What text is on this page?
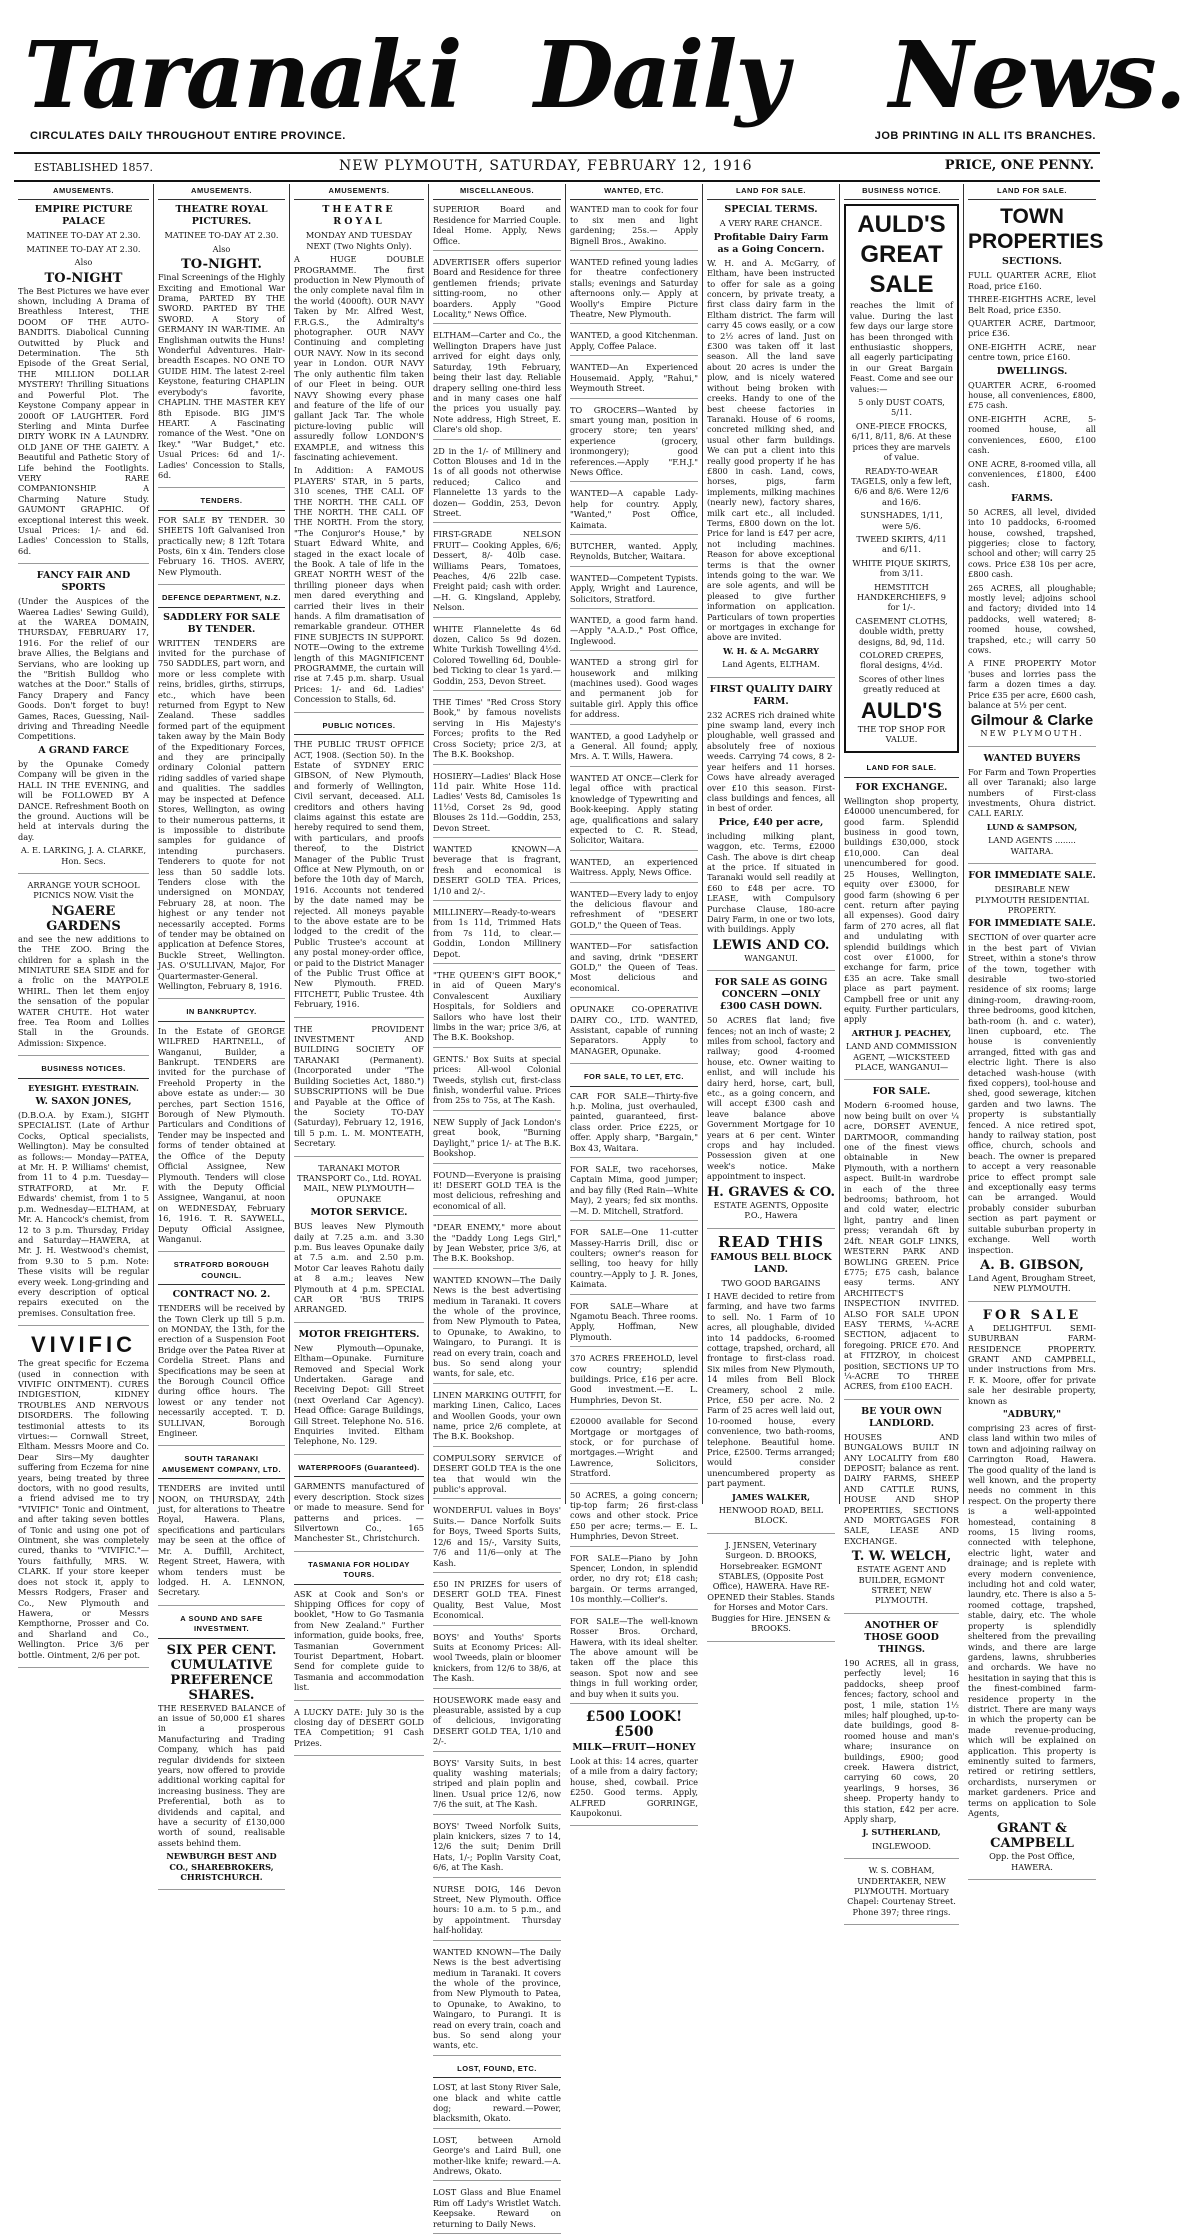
Taranaki Daily News.
CIRCULATES DAILY THROUGHOUT ENTIRE PROVINCE.	JOB PRINTING IN ALL ITS BRANCHES.
ESTABLISHED 1857.	NEW PLYMOUTH, SATURDAY, FEBRUARY 12, 1916	PRICE, ONE PENNY.
AMUSEMENTS.
EMPIRE PICTURE PALACE

MATINEE TO-DAY AT 2.30.

MATINEE TO-DAY AT 2.30.

Also

TO-NIGHT

The Best Pictures we have ever shown, including A Drama of Breathless Interest, THE DOOM OF THE AUTO-BANDITS. Diabolical Cunning Outwitted by Pluck and Determination. The 5th Episode of the Great Serial, THE MILLION DOLLAR MYSTERY! Thrilling Situations and Powerful Plot. The Keystone Company appear in 2000ft OF LAUGHTER. Ford Sterling and Minta Durfee DIRTY WORK IN A LAUNDRY. OLD JANE OF THE GAIETY. A Beautiful and Pathetic Story of Life behind the Footlights. VERY RARE COMPANIONSHIP. A Charming Nature Study. GAUMONT GRAPHIC. Of exceptional interest this week. Usual Prices: 1/- and 6d. Ladies' Concession to Stalls, 6d.

FANCY FAIR AND SPORTS

(Under the Auspices of the Waerea Ladies' Sewing Guild), at the WAREA DOMAIN, THURSDAY, FEBRUARY 17, 1916. For the relief of our brave Allies, the Belgians and Servians, who are looking up the "British Bulldog who watches at the Door." Stalls of Fancy Drapery and Fancy Goods. Don't forget to buy! Games, Races, Guessing, Nail-driving and Threading Needle Competitions.

A GRAND FARCE

by the Opunake Comedy Company will be given in the HALL IN THE EVENING, and will be FOLLOWED BY A DANCE. Refreshment Booth on the ground. Auctions will be held at intervals during the day.

A. E. LARKING, J. A. CLARKE, Hon. Secs.

ARRANGE YOUR SCHOOL PICNICS NOW. Visit the

NGAERE GARDENS

and see the new additions to the THE ZOO. Bring the children for a splash in the MINIATURE SEA SIDE and for a frolic on the MAYPOLE WHIRL. Then let them enjoy the sensation of the popular WATER CHUTE. Hot water free. Tea Room and Lollies Stall in the Grounds. Admission: Sixpence.

BUSINESS NOTICES.

EYESIGHT. EYESTRAIN.

W. SAXON JONES,

(D.B.O.A. by Exam.), SIGHT SPECIALIST. (Late of Arthur Cocks, Optical specialists, Wellington). May be consulted as follows:— Monday—PATEA, at Mr. H. P. Williams' chemist, from 11 to 4 p.m. Tuesday—STRATFORD, at Mr. F. Edwards' chemist, from 1 to 5 p.m. Wednesday—ELTHAM, at Mr. A. Hancock's chemist, from 12 to 3 p.m. Thursday, Friday and Saturday—HAWERA, at Mr. J. H. Westwood's chemist, from 9.30 to 5 p.m. Note: These visits will be regular every week. Long-grinding and every description of optical repairs executed on the premises. Consultation free.

VIVIFIC

The great specific for Eczema (used in connection with VIVIFIC OINTMENT). CURES INDIGESTION, KIDNEY TROUBLES AND NERVOUS DISORDERS. The following testimonial attests to its virtues:— Cornwall Street, Eltham. Messrs Moore and Co. Dear Sirs—My daughter suffering from Eczema for nine years, being treated by three doctors, with no good results, a friend advised me to try "VIVIFIC" Tonic and Ointment, and after taking seven bottles of Tonic and using one pot of Ointment, she was completely cured, thanks to "VIVIFIC."—Yours faithfully, MRS. W. CLARK. If your store keeper does not stock it, apply to Messrs Rodgers, Fraser and Co., New Plymouth and Hawera, or Messrs Kempthorne, Prosser and Co. and Sharland and Co., Wellington. Price 3/6 per bottle. Ointment, 2/6 per pot.

AMUSEMENTS.
THEATRE ROYAL PICTURES.

MATINEE TO-DAY AT 2.30.

Also

TO-NIGHT.

Final Screenings of the Highly Exciting and Emotional War Drama, PARTED BY THE SWORD. PARTED BY THE SWORD. A Story of GERMANY IN WAR-TIME. An Englishman outwits the Huns! Wonderful Adventures. Hair-breadth Escapes. NO ONE TO GUIDE HIM. The latest 2-reel Keystone, featuring CHAPLIN everybody's favorite, CHAPLIN. THE MASTER KEY 8th Episode. BIG JIM'S HEART. A Fascinating romance of the West. "One on Ikey." "War Budget," etc. Usual Prices: 6d and 1/-. Ladies' Concession to Stalls, 6d.

TENDERS.

FOR SALE BY TENDER. 30 SHEETS 10ft Galvanised Iron practically new; 8 12ft Totara Posts, 6in x 4in. Tenders close February 16. THOS. AVERY, New Plymouth.

DEFENCE DEPARTMENT, N.Z.
SADDLERY FOR SALE BY TENDER.

WRITTEN TENDERS are invited for the purchase of 750 SADDLES, part worn, and more or less complete with reins, bridles, girths, stirrups, etc., which have been returned from Egypt to New Zealand. These saddles formed part of the equipment taken away by the Main Body of the Expeditionary Forces, and they are principally ordinary Colonial pattern riding saddles of varied shape and qualities. The saddles may be inspected at Defence Stores, Wellington, as owing to their numerous patterns, it is impossible to distribute samples for guidance of intending purchasers. Tenderers to quote for not less than 50 saddle lots. Tenders close with the undersigned on MONDAY, February 28, at noon. The highest or any tender not necessarily accepted. Forms of tender may be obtained on application at Defence Stores, Buckle Street, Wellington. JAS. O'SULLIVAN, Major, For Quartermaster-General. Wellington, February 8, 1916.

IN BANKRUPTCY.

In the Estate of GEORGE WILFRED HARTNELL, of Wanganui, Builder, a Bankrupt. TENDERS are invited for the purchase of Freehold Property in the above estate as under:— 30 perches, part Section 1516, Borough of New Plymouth. Particulars and Conditions of Tender may be inspected and forms of tender obtained at the Office of the Deputy Official Assignee, New Plymouth. Tenders will close with the Deputy Official Assignee, Wanganui, at noon on WEDNESDAY, February 16, 1916. T. R. SAYWELL, Deputy Official Assignee, Wanganui.

STRATFORD BOROUGH COUNCIL.
CONTRACT NO. 2.

TENDERS will be received by the Town Clerk up till 5 p.m. on MONDAY, the 13th, for the erection of a Suspension Foot Bridge over the Patea River at Cordelia Street. Plans and Specifications may be seen at the Borough Council Office during office hours. The lowest or any tender not necessarily accepted. T. D. SULLIVAN, Borough Engineer.

SOUTH TARANAKI AMUSEMENT COMPANY, LTD.

TENDERS are invited until NOON, on THURSDAY, 24th just, for alterations to Theatre Royal, Hawera. Plans, specifications and particulars may be seen at the office of Mr. A. Duffill, Architect, Regent Street, Hawera, with whom tenders must be lodged. H. A. LENNON, Secretary.

A SOUND AND SAFE INVESTMENT.
SIX PER CENT. CUMULATIVE PREFERENCE SHARES.

THE RESERVED BALANCE of an issue of 50,000 £1 shares in a prosperous Manufacturing and Trading Company, which has paid regular dividends for sixteen years, now offered to provide additional working capital for increasing business. They are Preferential, both as to dividends and capital, and have a security of £130,000 worth of sound, realisable assets behind them.

NEWBURGH BEST AND CO., SHAREBROKERS, CHRISTCHURCH.

AMUSEMENTS.
THEATRE ROYAL

MONDAY AND TUESDAY NEXT (Two Nights Only).

A HUGE DOUBLE PROGRAMME. The first production in New Plymouth of the only complete naval film in the world (4000ft). OUR NAVY Taken by Mr. Alfred West, F.R.G.S., the Admiralty's photographer. OUR NAVY Continuing and completing OUR NAVY. Now in its second year in London. OUR NAVY The only authentic film taken of our Fleet in being. OUR NAVY Showing every phase and feature of the life of our gallant Jack Tar. The whole picture-loving public will assuredly follow LONDON'S EXAMPLE, and witness this fascinating achievement.

In Addition: A FAMOUS PLAYERS' STAR, in 5 parts, 310 scenes, THE CALL OF THE NORTH. THE CALL OF THE NORTH. THE CALL OF THE NORTH. From the story, "The Conjuror's House," by Stuart Edward White, and staged in the exact locale of the Book. A tale of life in the GREAT NORTH WEST of the thrilling pioneer days when men dared everything and carried their lives in their hands. A film dramatisation of remarkable grandeur. OTHER FINE SUBJECTS IN SUPPORT. NOTE—Owing to the extreme length of this MAGNIFICENT PROGRAMME, the curtain will rise at 7.45 p.m. sharp. Usual Prices: 1/- and 6d. Ladies' Concession to Stalls, 6d.

PUBLIC NOTICES.

THE PUBLIC TRUST OFFICE ACT, 1908. (Section 50). In the Estate of SYDNEY ERIC GIBSON, of New Plymouth, and formerly of Wellington, Civil servant, deceased. ALL creditors and others having claims against this estate are hereby required to send them, with particulars, and proofs thereof, to the District Manager of the Public Trust Office at New Plymouth, on or before the 10th day of March, 1916. Accounts not tendered by the date named may be rejected. All moneys payable to the above estate are to be lodged to the credit of the Public Trustee's account at any postal money-order office, or paid to the District Manager of the Public Trust Office at New Plymouth. FRED. FITCHETT, Public Trustee. 4th February, 1916.

THE PROVIDENT INVESTMENT AND BUILDING SOCIETY OF TARANAKI (Permanent). (Incorporated under "The Building Societies Act, 1880.") SUBSCRIPTIONS will be Due and Payable at the Office of the Society TO-DAY (Saturday), February 12, 1916, till 5 p.m. L. M. MONTEATH, Secretary.

TARANAKI MOTOR TRANSPORT Co., Ltd. ROYAL MAIL, NEW PLYMOUTH—OPUNAKE

MOTOR SERVICE.

BUS leaves New Plymouth daily at 7.25 a.m. and 3.30 p.m. Bus leaves Opunake daily at 7.5 a.m. and 2.50 p.m. Motor Car leaves Rahotu daily at 8 a.m.; leaves New Plymouth at 4 p.m. SPECIAL CAR OR 'BUS TRIPS ARRANGED.

MOTOR FREIGHTERS.

New Plymouth—Opunake, Eltham—Opunake. Furniture Removed and Special Work Undertaken. Garage and Receiving Depot: Gill Street (next Overland Car Agency). Head Office: Garage Buildings, Gill Street. Telephone No. 516. Enquiries invited. Eltham Telephone, No. 129.

WATERPROOFS (Guaranteed).

GARMENTS manufactured of every description. Stock sizes or made to measure. Send for patterns and prices. —Silvertown Co., 165 Manchester St., Christchurch.

TASMANIA FOR HOLIDAY TOURS.

ASK at Cook and Son's or Shipping Offices for copy of booklet, "How to Go Tasmania from New Zealand." Further information, guide books, free, Tasmanian Government Tourist Department, Hobart. Send for complete guide to Tasmania and accommodation list.

A LUCKY DATE: July 30 is the closing day of DESERT GOLD TEA Competition; 91 Cash Prizes.

MISCELLANEOUS.

SUPERIOR Board and Residence for Married Couple. Ideal Home. Apply, News Office.

ADVERTISER offers superior Board and Residence for three gentlemen friends; private sitting-room, no other boarders. Apply "Good Locality," News Office.

ELTHAM—Carter and Co., the Wellington Drapers have just arrived for eight days only, Saturday, 19th February, being their last day. Reliable drapery selling one-third less and in many cases one half the prices you usually pay. Note address, High Street, E. Clare's old shop.

2D in the 1/- of Millinery and Cotton Blouses and 1d in the 1s of all goods not otherwise reduced; Calico and Flannelette 13 yards to the dozen— Goddin, 253, Devon Street.

FIRST-GRADE NELSON FRUIT— Cooking Apples, 6/6; Dessert, 8/- 40lb case. Williams Pears, Tomatoes, Peaches, 4/6 22lb case. Freight paid; cash with order.—H. G. Kingsland, Appleby, Nelson.

WHITE Flannelette 4s 6d dozen, Calico 5s 9d dozen. White Turkish Towelling 4½d. Colored Towelling 6d, Double-bed Ticking to clear 1s yard.— Goddin, 253, Devon Street.

THE Times' "Red Cross Story Book," by famous novelists serving in His Majesty's Forces; profits to the Red Cross Society; price 2/3, at The B.K. Bookshop.

HOSIERY—Ladies' Black Hose 11d pair. White Hose 11d. Ladies' Vests 8d, Camisoles 1s 11½d, Corset 2s 9d, good Blouses 2s 11d.—Goddin, 253, Devon Street.

WANTED KNOWN—A beverage that is fragrant, fresh and economical is DESERT GOLD TEA. Prices, 1/10 and 2/-.

MILLINERY—Ready-to-wears from 1s 11d, Trimmed Hats from 7s 11d, to clear.—Goddin, London Millinery Depot.

"THE QUEEN'S GIFT BOOK," in aid of Queen Mary's Convalescent Auxiliary Hospitals, for Soldiers and Sailors who have lost their limbs in the war; price 3/6, at The B.K. Bookshop.

GENTS.' Box Suits at special prices: All-wool Colonial Tweeds, stylish cut, first-class finish, wonderful value. Prices from 25s to 75s, at The Kash.

NEW Supply of Jack London's great book, "Burning Daylight," price 1/- at The B.K. Bookshop.

FOUND—Everyone is praising it! DESERT GOLD TEA is the most delicious, refreshing and economical of all.

"DEAR ENEMY," more about the "Daddy Long Legs Girl," by Jean Webster, price 3/6, at The B.K. Bookshop.

WANTED KNOWN—The Daily News is the best advertising medium in Taranaki. It covers the whole of the province, from New Plymouth to Patea, to Opunake, to Awakino, to Waingaro, to Purangi. It is read on every train, coach and bus. So send along your wants, for sale, etc.

LINEN MARKING OUTFIT, for marking Linen, Calico, Laces and Woollen Goods, your own name, price 2/6 complete, at The B.K. Bookshop.

COMPULSORY SERVICE of DESERT GOLD TEA is the one tea that would win the public's approval.

WONDERFUL values in Boys' Suits.— Dance Norfolk Suits for Boys, Tweed Sports Suits, 12/6 and 15/-, Varsity Suits, 7/6 and 11/6—only at The Kash.

£50 IN PRIZES for users of DESERT GOLD TEA. Finest Quality, Best Value, Most Economical.

BOYS' and Youths' Sports Suits at Economy Prices: All-wool Tweeds, plain or bloomer knickers, from 12/6 to 38/6, at The Kash.

HOUSEWORK made easy and pleasurable, assisted by a cup of delicious, invigorating DESERT GOLD TEA, 1/10 and 2/-.

BOYS' Varsity Suits, in best quality washing materials; striped and plain poplin and linen. Usual price 12/6, now 7/6 the suit, at The Kash.

BOYS' Tweed Norfolk Suits, plain knickers, sizes 7 to 14, 12/6 the suit; Denim Drill Hats, 1/-; Poplin Varsity Coat, 6/6, at The Kash.

NURSE DOIG, 146 Devon Street, New Plymouth. Office hours: 10 a.m. to 5 p.m., and by appointment. Thursday half-holiday.

WANTED KNOWN—The Daily News is the best advertising medium in Taranaki. It covers the whole of the province, from New Plymouth to Patea, to Opunake, to Awakino, to Waingaro, to Purangi. It is read on every train, coach and bus. So send along your wants, etc.

LOST, FOUND, ETC.

LOST, at last Stony River Sale, one black and white cattle dog; reward.—Power, blacksmith, Okato.

LOST, between Arnold George's and Laird Bull, one mother-like knife; reward.—A. Andrews, Okato.

LOST Glass and Blue Enamel Rim off Lady's Wristlet Watch. Keepsake. Reward on returning to Daily News.

WANTED, ETC.

WANTED man to cook for four to six men and light gardening; 25s.— Apply Bignell Bros., Awakino.

WANTED refined young ladies for theatre confectionery stalls; evenings and Saturday afternoons only.— Apply at Woolly's Empire Picture Theatre, New Plymouth.

WANTED, a good Kitchenman. Apply, Coffee Palace.

WANTED—An Experienced Housemaid. Apply, "Rahui," Weymouth Street.

TO GROCERS—Wanted by smart young man, position in grocery store; ten years' experience (grocery, ironmongery); good references.—Apply "F.H.J." News Office.

WANTED—A capable Lady-help for country. Apply, "Wanted," Post Office, Kaimata.

BUTCHER, wanted. Apply, Reynolds, Butcher, Waitara.

WANTED—Competent Typists. Apply, Wright and Laurence, Solicitors, Stratford.

WANTED, a good farm hand.—Apply "A.A.D.," Post Office, Inglewood.

WANTED a strong girl for housework and milking (machines used). Good wages and permanent job for suitable girl. Apply this office for address.

WANTED, a good Ladyhelp or a General. All found; apply, Mrs. A. T. Wills, Hawera.

WANTED AT ONCE—Clerk for legal office with practical knowledge of Typewriting and Book-keeping. Apply stating age, qualifications and salary expected to C. R. Stead, Solicitor, Waitara.

WANTED, an experienced Waitress. Apply, News Office.

WANTED—Every lady to enjoy the delicious flavour and refreshment of "DESERT GOLD," the Queen of Teas.

WANTED—For satisfaction and saving, drink "DESERT GOLD," the Queen of Teas. Most delicious and economical.

OPUNAKE CO-OPERATIVE DAIRY CO., LTD. WANTED, Assistant, capable of running Separators. Apply to MANAGER, Opunake.

FOR SALE, TO LET, ETC.

CAR FOR SALE—Thirty-five h.p. Molina, just overhauled, painted, guaranteed, first-class order. Price £225, or offer. Apply sharp, "Bargain," Box 43, Waitara.

FOR SALE, two racehorses, Captain Mima, good jumper; and bay filly (Red Rain—White May), 2 years; fed six months.—M. D. Mitchell, Stratford.

FOR SALE—One 11-cutter Massey-Harris Drill, disc or coulters; owner's reason for selling, too heavy for hilly country.—Apply to J. R. Jones, Kaimata.

FOR SALE—Whare at Ngamotu Beach. Three rooms. Apply, Hoffman, New Plymouth.

370 ACRES FREEHOLD, level cow country; splendid buildings. Price, £16 per acre. Good investment.—E. L. Humphries, Devon St.

£20000 available for Second Mortgage or mortgages of stock, or for purchase of mortgages.—Wright and Lawrence, Solicitors, Stratford.

50 ACRES, a going concern; tip-top farm; 26 first-class cows and other stock. Price £50 per acre; terms.— E. L. Humphries, Devon Street.

FOR SALE—Piano by John Spencer, London, in splendid order, no dry rot; £18 cash; bargain. Or terms arranged, 10s monthly.—Collier's.

FOR SALE—The well-known Rosser Bros. Orchard, Hawera, with its ideal shelter. The above amount will be taken off the place this season. Spot now and see things in full working order, and buy when it suits you.

£500 LOOK! £500
MILK—FRUIT—HONEY

Look at this: 14 acres, quarter of a mile from a dairy factory; house, shed, cowbail. Price £250. Good terms. Apply, ALFRED GORRINGE, Kaupokonui.

LAND FOR SALE.
SPECIAL TERMS.

A VERY RARE CHANCE.

Profitable Dairy Farm as a Going Concern.

W. H. and A. McGarry, of Eltham, have been instructed to offer for sale as a going concern, by private treaty, a first class dairy farm in the Eltham district. The farm will carry 45 cows easily, or a cow to 2½ acres of land. Just on £300 was taken off it last season. All the land save about 20 acres is under the plow, and is nicely watered without being broken with creeks. Handy to one of the best cheese factories in Taranaki. House of 6 rooms, concreted milking shed, and usual other farm buildings. We can put a client into this really good property if he has £800 in cash. Land, cows, horses, pigs, farm implements, milking machines (nearly new), factory shares, milk cart etc., all included. Terms, £800 down on the lot. Price for land is £47 per acre, not including machines. Reason for above exceptional terms is that the owner intends going to the war. We are sole agents, and will be pleased to give further information on application. Particulars of town properties or mortgages in exchange for above are invited.

W. H. & A. McGARRY

Land Agents, ELTHAM.

FIRST QUALITY DAIRY FARM.

232 ACRES rich drained white pine swamp land, every inch ploughable, well grassed and absolutely free of noxious weeds. Carrying 74 cows, 8 2-year heifers and 11 horses. Cows have already averaged over £10 this season. First-class buildings and fences, all in best of order.

Price, £40 per acre,

including milking plant, waggon, etc. Terms, £2000 Cash. The above is dirt cheap at the price. If situated in Taranaki would sell readily at £60 to £48 per acre. TO LEASE, with Compulsory Purchase Clause, 180-acre Dairy Farm, in one or two lots, with buildings. Apply

LEWIS AND CO.

WANGANUI.

FOR SALE AS GOING CONCERN —ONLY £300 CASH DOWN.

50 ACRES flat land; five fences; not an inch of waste; 2 miles from school, factory and railway; good 4-roomed house, etc. Owner waiting to enlist, and will include his dairy herd, horse, cart, bull, etc., as a going concern, and will accept £300 cash and leave balance above Government Mortgage for 10 years at 6 per cent. Winter crops and hay included. Possession given at one week's notice. Make appointment to inspect.

H. GRAVES & CO.

ESTATE AGENTS, Opposite P.O., Hawera

READ THIS
FAMOUS BELL BLOCK LAND.

TWO GOOD BARGAINS

I HAVE decided to retire from farming, and have two farms to sell. No. 1 Farm of 10 acres, all ploughable, divided into 14 paddocks, 6-roomed cottage, trapshed, orchard, all frontage to first-class road. Six miles from New Plymouth, 14 miles from Bell Block Creamery, school 2 mile. Price, £50 per acre. No. 2 Farm of 25 acres well laid out, 10-roomed house, every convenience, two bath-rooms, telephone. Beautiful home. Price, £2500. Terms arranged; would consider unencumbered property as part payment.

JAMES WALKER,

HENWOOD ROAD, BELL BLOCK.

J. JENSEN, Veterinary Surgeon. D. BROOKS, Horsebreaker. EGMONT STABLES, (Opposite Post Office), HAWERA. Have RE-OPENED their Stables. Stands for Horses and Motor Cars. Buggies for Hire. JENSEN & BROOKS.

BUSINESS NOTICE.
AULD'S GREAT SALE

reaches the limit of value. During the last few days our large store has been thronged with enthusiastic shoppers, all eagerly participating in our Great Bargain Feast. Come and see our values:—

5 only DUST COATS, 5/11.

ONE-PIECE FROCKS, 6/11, 8/11, 8/6. At these prices they are marvels of value.

READY-TO-WEAR TAGELS, only a few left, 6/6 and 8/6. Were 12/6 and 16/6.

SUNSHADES, 1/11, were 5/6.

TWEED SKIRTS, 4/11 and 6/11.

WHITE PIQUE SKIRTS, from 3/11.

HEMSTITCH HANDKERCHIEFS, 9 for 1/-.

CASEMENT CLOTHS, double width, pretty designs, 8d, 9d, 11d.

COLORED CREPES, floral designs, 4½d.

Scores of other lines greatly reduced at

AULD'S

THE TOP SHOP FOR VALUE.

LAND FOR SALE.
FOR EXCHANGE.

Wellington shop property, £40000 unencumbered, for good farm. Splendid business in good town, buildings £30,000, stock £10,000. Can deal unencumbered for good. 25 Houses, Wellington, equity over £3000, for good farm (showing 6 per cent. return after paying all expenses). Good dairy farm of 270 acres, all flat and undulating with splendid buildings which cost over £1000, for exchange for farm, price £35 an acre. Take small place as part payment. Campbell free or unit any equity. Further particulars, apply

ARTHUR J. PEACHEY,

LAND AND COMMISSION AGENT, —WICKSTEED PLACE, WANGANUI—

FOR SALE.

Modern 6-roomed house, now being built on over ¼ acre, DORSET AVENUE, DARTMOOR, commanding one of the finest views obtainable in New Plymouth, with a northern aspect. Built-in wardrobe in each of the three bedrooms; bathroom, hot and cold water, electric light, pantry and linen press; verandah 6ft by 24ft. NEAR GOLF LINKS, WESTERN PARK AND BOWLING GREEN. Price £775; £75 cash, balance easy terms. ANY ARCHITECT'S INSPECTION INVITED. ALSO FOR SALE UPON EASY TERMS, ¼-ACRE SECTION, adjacent to foregoing. PRICE £70. And at FITZROY, in choicest position, SECTIONS UP TO ¼-ACRE TO THREE ACRES, from £100 EACH.

BE YOUR OWN LANDLORD.

HOUSES AND BUNGALOWS BUILT IN ANY LOCALITY from £80 DEPOSIT; balance as rent. DAIRY FARMS, SHEEP AND CATTLE RUNS, HOUSE AND SHOP PROPERTIES, SECTIONS AND MORTGAGES FOR SALE, LEASE AND EXCHANGE.

T. W. WELCH,

ESTATE AGENT AND BUILDER, EGMONT STREET, NEW PLYMOUTH.

ANOTHER OF THOSE GOOD THINGS.

190 ACRES, all in grass, perfectly level; 16 paddocks, sheep proof fences; factory, school and post, 1 mile, station 1½ miles; half ploughed, up-to-date buildings, good 8-roomed house and man's whare; insurance on buildings, £900; good creek. Hawera district, carrying 60 cows, 20 yearlings, 9 horses, 36 sheep. Property handy to this station, £42 per acre. Apply sharp,

J. SUTHERLAND,

INGLEWOOD.

W. S. COBHAM, UNDERTAKER, NEW PLYMOUTH. Mortuary Chapel: Courtenay Street. Phone 397; three rings.

LAND FOR SALE.
TOWN PROPERTIES
SECTIONS.

FULL QUARTER ACRE, Eliot Road, price £160.

THREE-EIGHTHS ACRE, level Belt Road, price £350.

QUARTER ACRE, Dartmoor, price £36.

ONE-EIGHTH ACRE, near centre town, price £160.

DWELLINGS.

QUARTER ACRE, 6-roomed house, all conveniences, £800, £75 cash.

ONE-EIGHTH ACRE, 5-roomed house, all conveniences, £600, £100 cash.

ONE ACRE, 8-roomed villa, all conveniences, £1800, £400 cash.

FARMS.

50 ACRES, all level, divided into 10 paddocks, 6-roomed house, cowshed, trapshed, piggeries; close to factory, school and other; will carry 25 cows. Price £38 10s per acre, £800 cash.

265 ACRES, all ploughable; mostly level; adjoins school and factory; divided into 14 paddocks, well watered; 8-roomed house, cowshed, trapshed, etc.; will carry 50 cows.

A FINE PROPERTY Motor 'buses and lorries pass the farm a dozen times a day. Price £35 per acre, £600 cash, balance at 5½ per cent.

Gilmour & Clarke

NEW PLYMOUTH.

WANTED BUYERS

For Farm and Town Properties all over Taranaki; also large numbers of First-class investments, Ohura district. CALL EARLY.

LUND & SAMPSON,

LAND AGENTS ........ WAITARA.

FOR IMMEDIATE SALE.

DESIRABLE NEW PLYMOUTH RESIDENTIAL PROPERTY.

FOR IMMEDIATE SALE.

SECTION of over quarter acre in the best part of Vivian Street, within a stone's throw of the town, together with desirable two-storied residence of six rooms; large dining-room, drawing-room, three bedrooms, good kitchen, bath-room (h. and c. water), linen cupboard, etc. The house is conveniently arranged, fitted with gas and electric light. There is also detached wash-house (with fixed coppers), tool-house and shed, good sewerage, kitchen garden and two lawns. The property is substantially fenced. A nice retired spot, handy to railway station, post office, church, schools and beach. The owner is prepared to accept a very reasonable price to effect prompt sale and exceptionally easy terms can be arranged. Would probably consider suburban section as part payment or suitable suburban property in exchange. Well worth inspection.

A. B. GIBSON,

Land Agent, Brougham Street, NEW PLYMOUTH.

FOR SALE

A DELIGHTFUL SEMI-SUBURBAN FARM-RESIDENCE PROPERTY. GRANT AND CAMPBELL, under instructions from Mrs. F. K. Moore, offer for private sale her desirable property, known as

"ADBURY,"

comprising 23 acres of first-class land within two miles of town and adjoining railway on Carrington Road, Hawera. The good quality of the land is well known, and the property needs no comment in this respect. On the property there is a well-appointed homestead, containing 8 rooms, 15 living rooms, connected with telephone, electric light, water and drainage; and is replete with every modern convenience, including hot and cold water, laundry, etc. There is also a 5-roomed cottage, trapshed, stable, dairy, etc. The whole property is splendidly sheltered from the prevailing winds, and there are large gardens, lawns, shrubberies and orchards. We have no hesitation in saying that this is the finest-combined farm-residence property in the district. There are many ways in which the property can be made revenue-producing, which will be explained on application. This property is eminently suited to farmers, retired or retiring settlers, orchardists, nurserymen or market gardeners. Price and terms on application to Sole Agents,

GRANT & CAMPBELL

Opp. the Post Office, HAWERA.
